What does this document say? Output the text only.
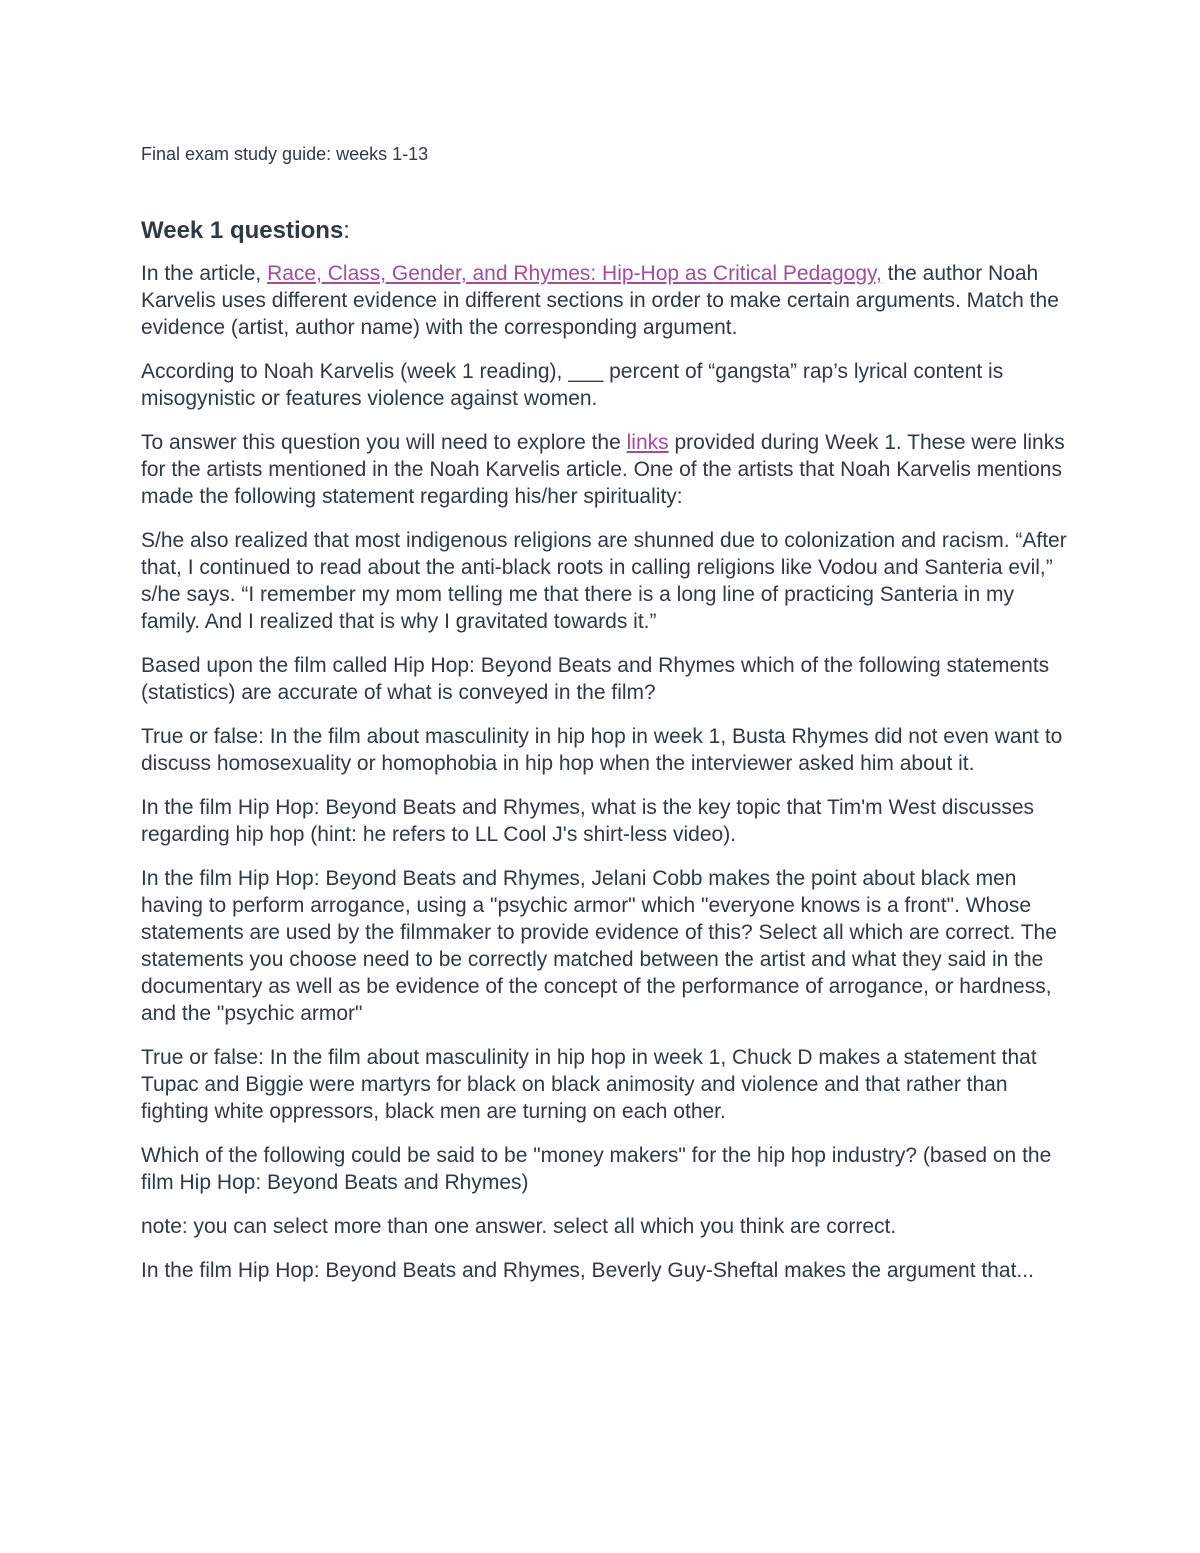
Final exam study guide: weeks 1-13
Week 1 questions:

In the article, Race, Class, Gender, and Rhymes: Hip-Hop as Critical Pedagogy, the author Noah Karvelis uses different evidence in different sections in order to make certain arguments. Match the evidence (artist, author name) with the corresponding argument.

According to Noah Karvelis (week 1 reading), ___ percent of “gangsta” rap’s lyrical content is misogynistic or features violence against women.

To answer this question you will need to explore the links provided during Week 1. These were links for the artists mentioned in the Noah Karvelis article. One of the artists that Noah Karvelis mentions made the following statement regarding his/her spirituality:

S/he also realized that most indigenous religions are shunned due to colonization and racism. “After that, I continued to read about the anti-black roots in calling religions like Vodou and Santeria evil,” s/he says. “I remember my mom telling me that there is a long line of practicing Santeria in my family. And I realized that is why I gravitated towards it.”

Based upon the film called Hip Hop: Beyond Beats and Rhymes which of the following statements (statistics) are accurate of what is conveyed in the film?

True or false: In the film about masculinity in hip hop in week 1, Busta Rhymes did not even want to discuss homosexuality or homophobia in hip hop when the interviewer asked him about it.

In the film Hip Hop: Beyond Beats and Rhymes, what is the key topic that Tim'm West discusses regarding hip hop (hint: he refers to LL Cool J's shirt-less video).

In the film Hip Hop: Beyond Beats and Rhymes, Jelani Cobb makes the point about black men having to perform arrogance, using a "psychic armor" which "everyone knows is a front". Whose statements are used by the filmmaker to provide evidence of this? Select all which are correct. The statements you choose need to be correctly matched between the artist and what they said in the documentary as well as be evidence of the concept of the performance of arrogance, or hardness, and the "psychic armor"

True or false: In the film about masculinity in hip hop in week 1, Chuck D makes a statement that Tupac and Biggie were martyrs for black on black animosity and violence and that rather than fighting white oppressors, black men are turning on each other.

Which of the following could be said to be "money makers" for the hip hop industry? (based on the film Hip Hop: Beyond Beats and Rhymes)

note: you can select more than one answer. select all which you think are correct.

In the film Hip Hop: Beyond Beats and Rhymes, Beverly Guy-Sheftal makes the argument that...
